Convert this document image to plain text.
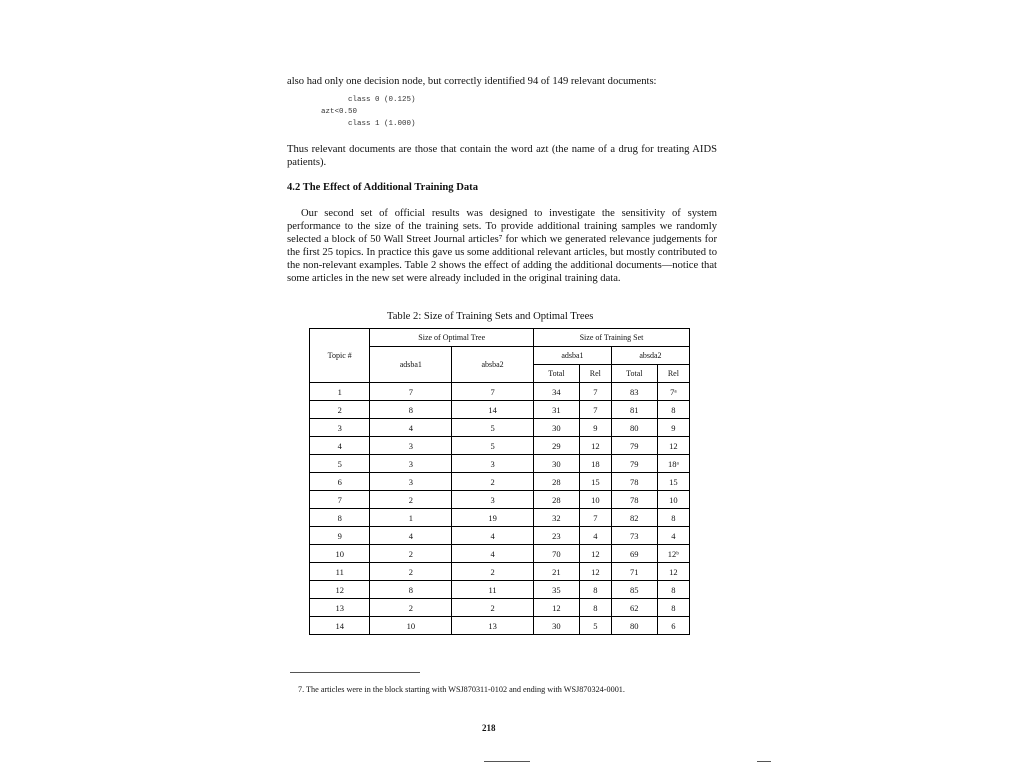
also had only one decision node, but correctly identified 94 of 149 relevant documents:
class 0 (0.125)
azt<0.50
class 1 (1.000)
Thus relevant documents are those that contain the word azt (the name of a drug for treating AIDS patients).
4.2 The Effect of Additional Training Data

Our second set of official results was designed to investigate the sensitivity of system performance to the size of the training sets. To provide additional training samples we randomly selected a block of 50 Wall Street Journal articles⁷ for which we generated relevance judgements for the first 25 topics. In practice this gave us some additional relevant articles, but mostly contributed to the non-relevant examples. Table 2 shows the effect of adding the additional documents—notice that some articles in the new set were already included in the original training data.

Table 2: Size of Training Sets and Optimal Trees
Topic #	Size of Optimal Tree		Size of Training Set			
	adsba1	absba2	adsba1		absda2	
			Total	Rel	Total	Rel
1	7	7	34	7	83	7ᵃ
2	8	14	31	7	81	8
3	4	5	30	9	80	9
4	3	5	29	12	79	12
5	3	3	30	18	79	18ᵃ
6	3	2	28	15	78	15
7	2	3	28	10	78	10
8	1	19	32	7	82	8
9	4	4	23	4	73	4
10	2	4	70	12	69	12ᵇ
11	2	2	21	12	71	12
12	8	11	35	8	85	8
13	2	2	12	8	62	8
14	10	13	30	5	80	6
7. The articles were in the block starting with WSJ870311-0102 and ending with WSJ870324-0001.
218
